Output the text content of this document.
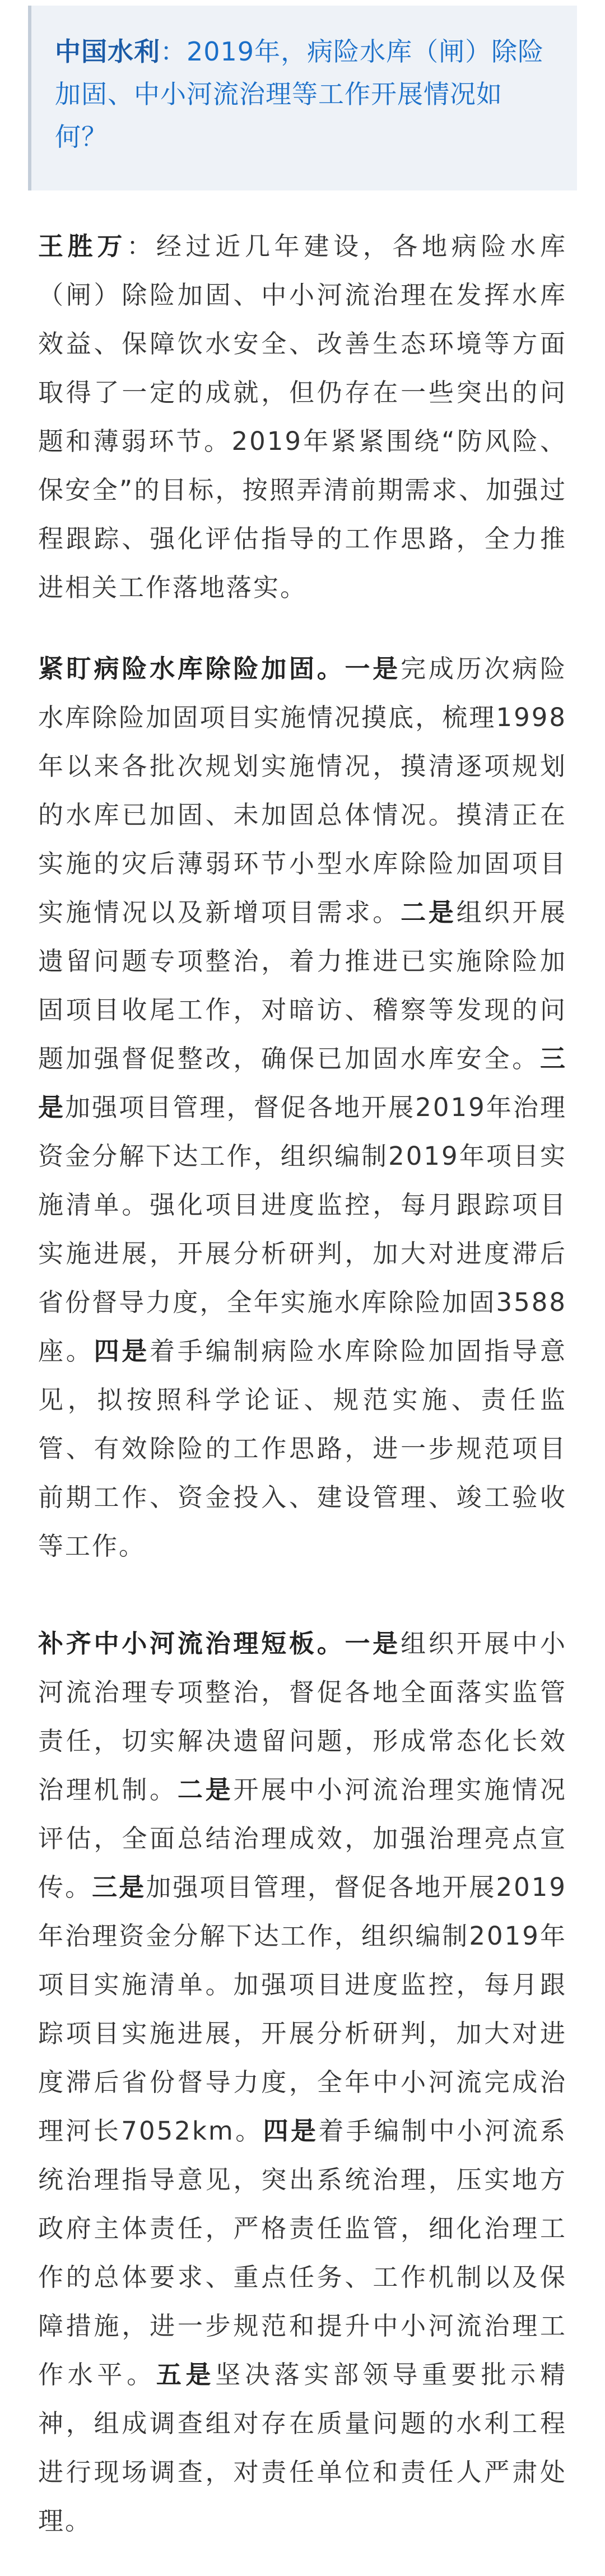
中国水利：2019年，病险水库（闸）除险加固、中小河流治理等工作开展情况如何？

王胜万：经过近几年建设，各地病险水库（闸）除险加固、中小河流治理在发挥水库效益、保障饮水安全、改善生态环境等方面取得了一定的成就，但仍存在一些突出的问题和薄弱环节。2019年紧紧围绕“防风险、保安全”的目标，按照弄清前期需求、加强过程跟踪、强化评估指导的工作思路，全力推进相关工作落地落实。

紧盯病险水库除险加固。一是完成历次病险水库除险加固项目实施情况摸底，梳理1998年以来各批次规划实施情况，摸清逐项规划的水库已加固、未加固总体情况。摸清正在实施的灾后薄弱环节小型水库除险加固项目实施情况以及新增项目需求。二是组织开展遗留问题专项整治，着力推进已实施除险加固项目收尾工作，对暗访、稽察等发现的问题加强督促整改，确保已加固水库安全。三是加强项目管理，督促各地开展2019年治理资金分解下达工作，组织编制2019年项目实施清单。强化项目进度监控，每月跟踪项目实施进展，开展分析研判，加大对进度滞后省份督导力度，全年实施水库除险加固3588座。四是着手编制病险水库除险加固指导意见，拟按照科学论证、规范实施、责任监管、有效除险的工作思路，进一步规范项目前期工作、资金投入、建设管理、竣工验收等工作。

补齐中小河流治理短板。一是组织开展中小河流治理专项整治，督促各地全面落实监管责任，切实解决遗留问题，形成常态化长效治理机制。二是开展中小河流治理实施情况评估，全面总结治理成效，加强治理亮点宣传。三是加强项目管理，督促各地开展2019年治理资金分解下达工作，组织编制2019年项目实施清单。加强项目进度监控，每月跟踪项目实施进展，开展分析研判，加大对进度滞后省份督导力度，全年中小河流完成治理河长7052km。四是着手编制中小河流系统治理指导意见，突出系统治理，压实地方政府主体责任，严格责任监管，细化治理工作的总体要求、重点任务、工作机制以及保障措施，进一步规范和提升中小河流治理工作水平。五是坚决落实部领导重要批示精神，组成调查组对存在质量问题的水利工程进行现场调查，对责任单位和责任人严肃处理。
